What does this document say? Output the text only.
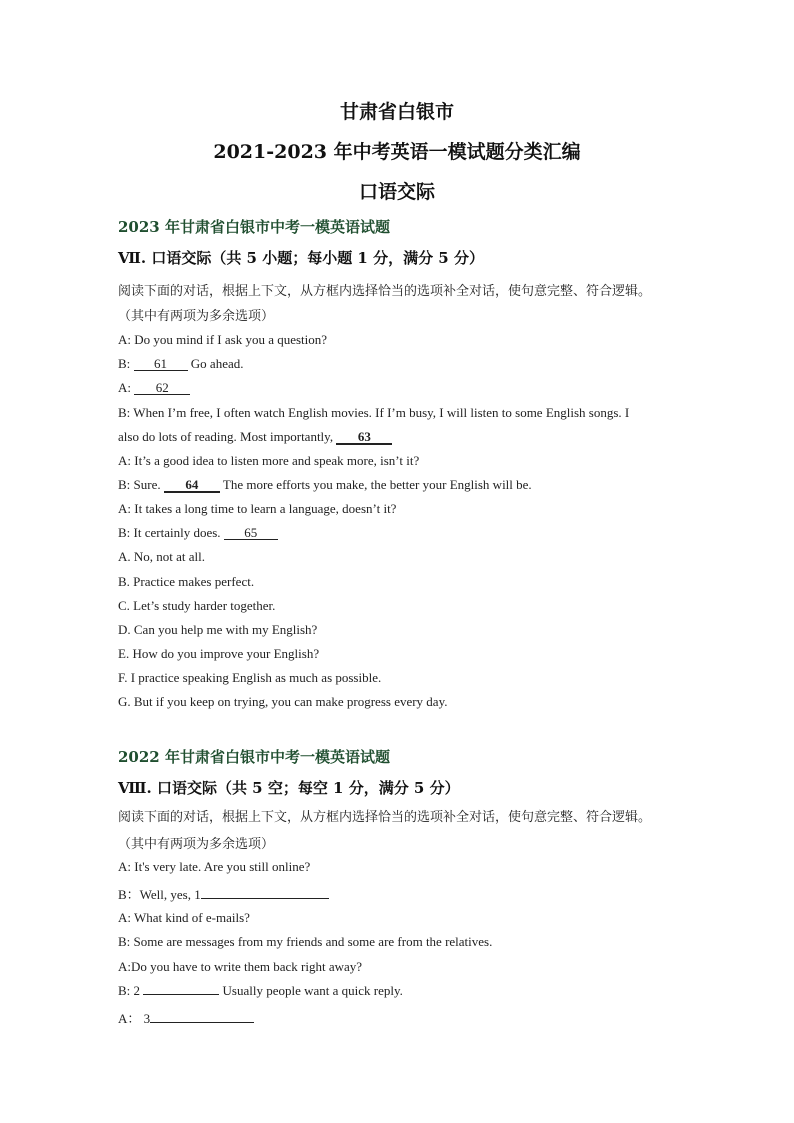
甘肃省白银市
2021-2023 年中考英语一模试题分类汇编
口语交际
2023 年甘肃省白银市中考一模英语试题
Ⅶ. 口语交际（共 5 小题；每小题 1 分，满分 5 分）
阅读下面的对话，根据上下文，从方框内选择恰当的选项补全对话，使句意完整、符合逻辑。
（其中有两项为多余选项）
A: Do you mind if I ask you a question?
B: 61 Go ahead.
A: 62
B: When I’m free, I often watch English movies. If I’m busy, I will listen to some English songs. I
also do lots of reading. Most importantly, 63
A: It’s a good idea to listen more and speak more, isn’t it?
B: Sure. 64 The more efforts you make, the better your English will be.
A: It takes a long time to learn a language, doesn’t it?
B: It certainly does. 65
A. No, not at all.
B. Practice makes perfect.
C. Let’s study harder together.
D. Can you help me with my English?
E. How do you improve your English?
F. I practice speaking English as much as possible.
G. But if you keep on trying, you can make progress every day.
2022 年甘肃省白银市中考一模英语试题
Ⅷ. 口语交际（共 5 空；每空 1 分，满分 5 分）
阅读下面的对话，根据上下文，从方框内选择恰当的选项补全对话，使句意完整、符合逻辑。
（其中有两项为多余选项）
A: It's very late. Are you still online?
B：Well, yes, 1
A: What kind of e-mails?
B: Some are messages from my friends and some are from the relatives.
A:Do you have to write them back right away?
B: 2	Usually people want a quick reply.
A： 3
